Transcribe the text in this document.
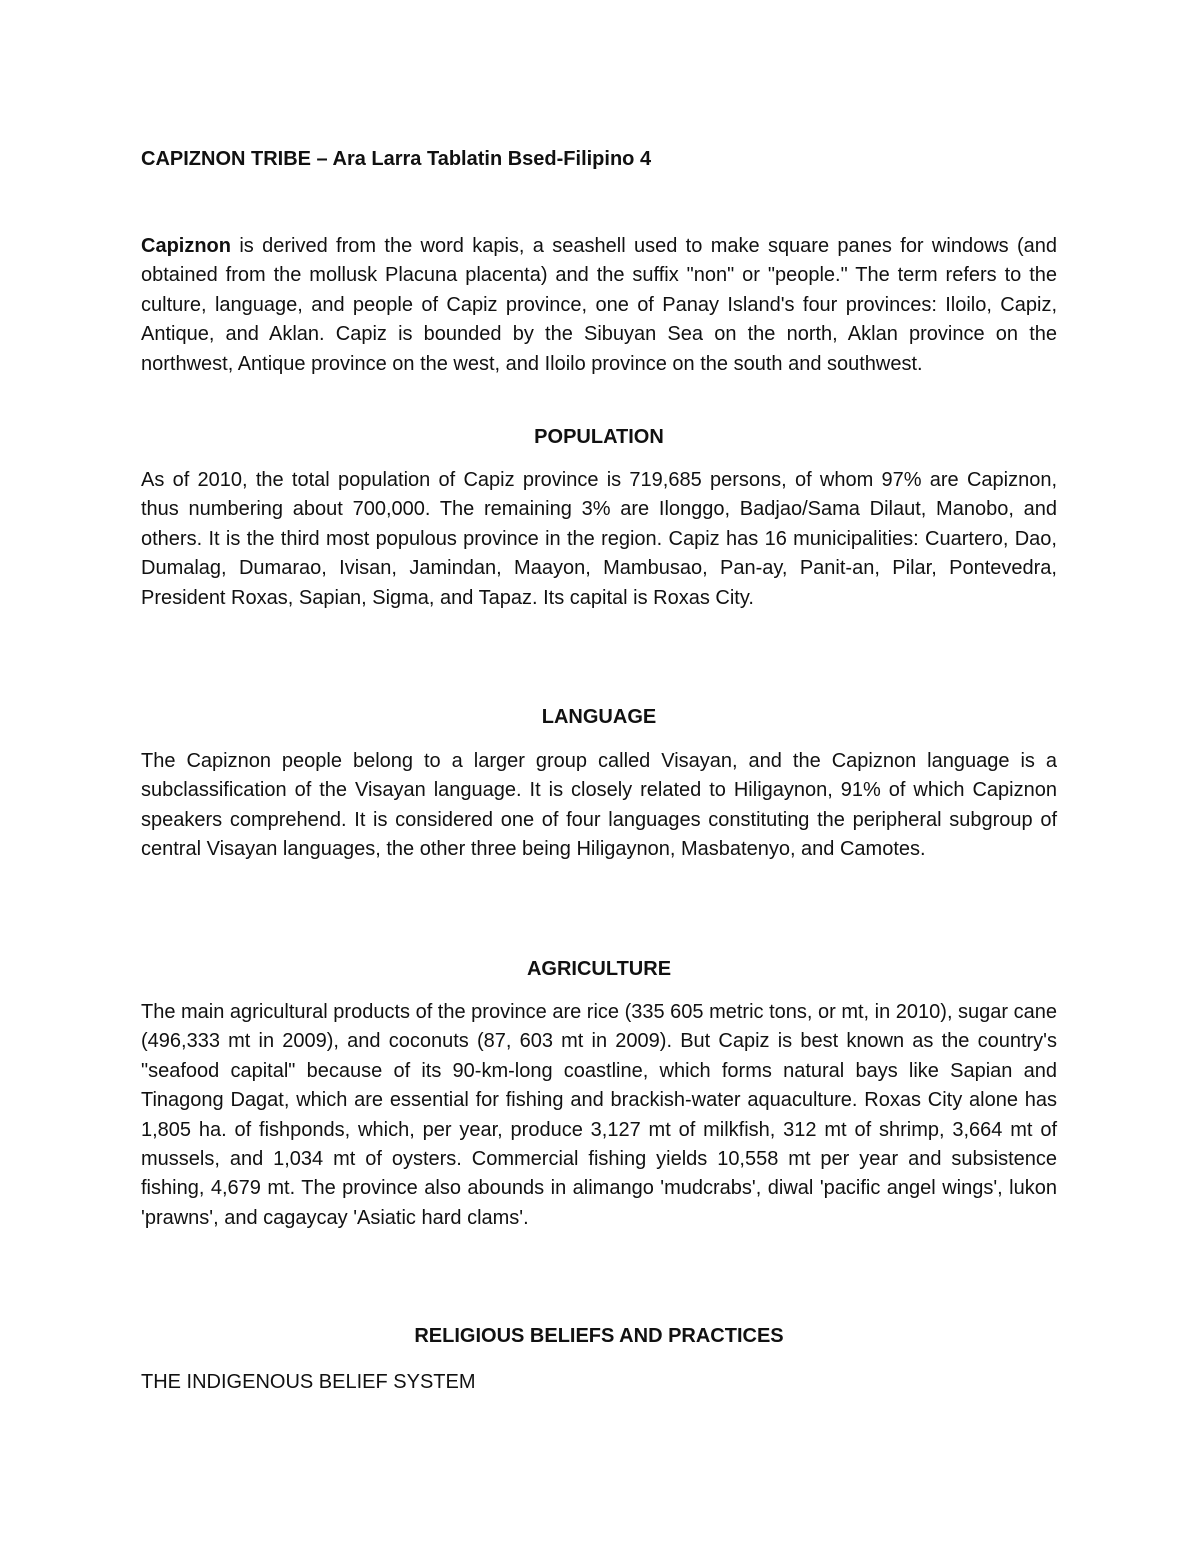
CAPIZNON TRIBE – Ara Larra Tablatin Bsed-Filipino 4

Capiznon is derived from the word kapis, a seashell used to make square panes for windows (and obtained from the mollusk Placuna placenta) and the suffix "non" or "people." The term refers to the culture, language, and people of Capiz province, one of Panay Island's four provinces: Iloilo, Capiz, Antique, and Aklan. Capiz is bounded by the Sibuyan Sea on the north, Aklan province on the northwest, Antique province on the west, and Iloilo province on the south and southwest.

POPULATION

As of 2010, the total population of Capiz province is 719,685 persons, of whom 97% are Capiznon, thus numbering about 700,000. The remaining 3% are Ilonggo, Badjao/Sama Dilaut, Manobo, and others. It is the third most populous province in the region. Capiz has 16 municipalities: Cuartero, Dao, Dumalag, Dumarao, Ivisan, Jamindan, Maayon, Mambusao, Pan-ay, Panit-an, Pilar, Pontevedra, President Roxas, Sapian, Sigma, and Tapaz. Its capital is Roxas City.

LANGUAGE

The Capiznon people belong to a larger group called Visayan, and the Capiznon language is a subclassification of the Visayan language. It is closely related to Hiligaynon, 91% of which Capiznon speakers comprehend. It is considered one of four languages constituting the peripheral subgroup of central Visayan languages, the other three being Hiligaynon, Masbatenyo, and Camotes.

AGRICULTURE

The main agricultural products of the province are rice (335 605 metric tons, or mt, in 2010), sugar cane (496,333 mt in 2009), and coconuts (87, 603 mt in 2009). But Capiz is best known as the country's "seafood capital" because of its 90-km-long coastline, which forms natural bays like Sapian and Tinagong Dagat, which are essential for fishing and brackish-water aquaculture. Roxas City alone has 1,805 ha. of fishponds, which, per year, produce 3,127 mt of milkfish, 312 mt of shrimp, 3,664 mt of mussels, and 1,034 mt of oysters. Commercial fishing yields 10,558 mt per year and subsistence fishing, 4,679 mt. The province also abounds in alimango 'mudcrabs', diwal 'pacific angel wings', lukon 'prawns', and cagaycay 'Asiatic hard clams'.

RELIGIOUS BELIEFS AND PRACTICES

THE INDIGENOUS BELIEF SYSTEM
